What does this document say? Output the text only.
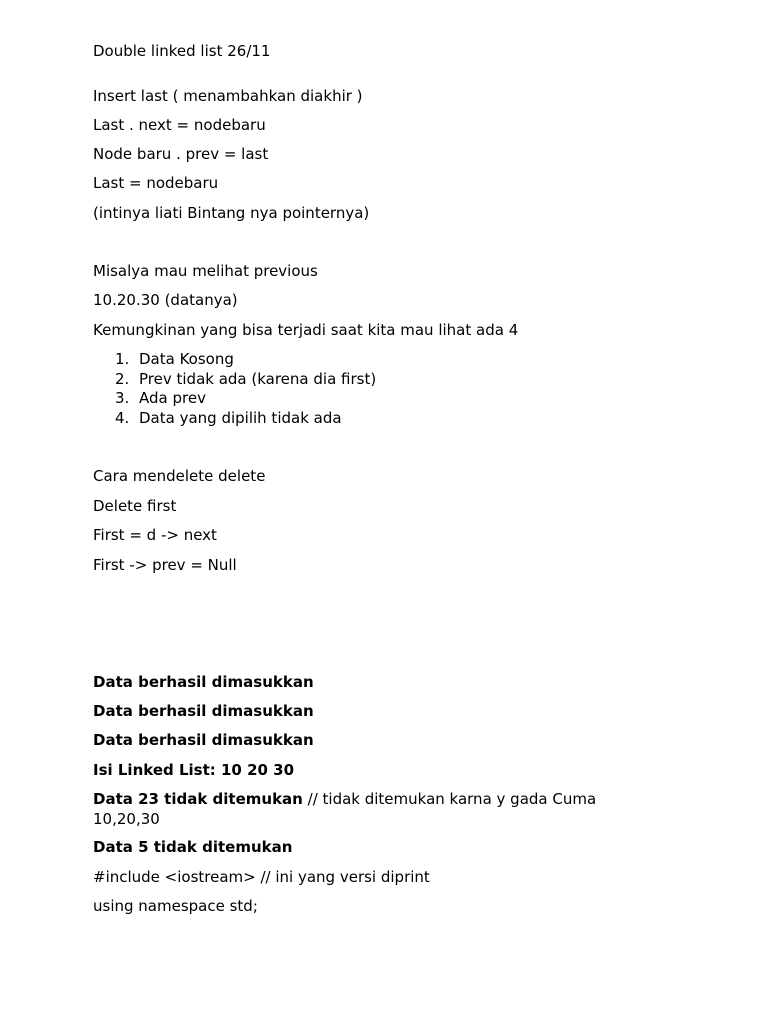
Double linked list 26/11
Insert last ( menambahkan diakhir )
Last . next = nodebaru
Node baru . prev = last
Last = nodebaru
(intinya liati Bintang nya pointernya)
Misalya mau melihat previous
10.20.30 (datanya)
Kemungkinan yang bisa terjadi saat kita mau lihat ada 4
1. Data Kosong
2. Prev tidak ada (karena dia first)
3. Ada prev
4. Data yang dipilih tidak ada
Cara mendelete delete
Delete first
First = d -> next
First -> prev = Null
Data berhasil dimasukkan
Data berhasil dimasukkan
Data berhasil dimasukkan
Isi Linked List: 10 20 30
Data 23 tidak ditemukan // tidak ditemukan karna y gada Cuma 10,20,30
Data 5 tidak ditemukan
#include <iostream> // ini yang versi diprint
using namespace std;
